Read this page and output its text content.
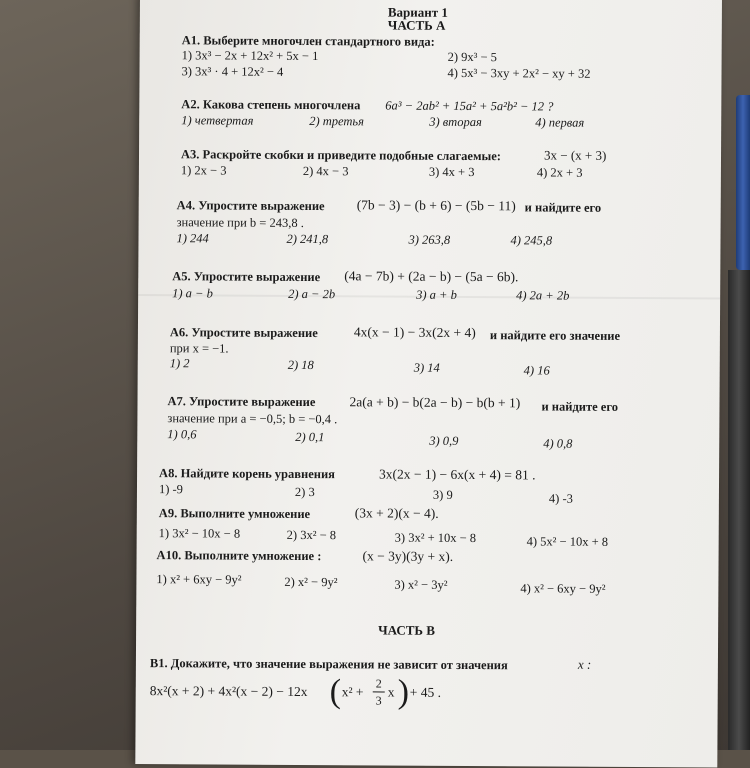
Вариант 1
ЧАСТЬ А
А1. Выберите многочлен стандартного вида:
1) 3x³ − 2x + 12x² + 5x − 1	2) 9x³ − 5
3) 3x³ · 4 + 12x² − 4	4) 5x³ − 3xy + 2x² − xy + 32
А2. Какова степень многочлена 6a³ − 2ab² + 15a² + 5a²b² − 12 ?
1) четвертая	2) третья	3) вторая	4) первая
А3. Раскройте скобки и приведите подобные слагаемые:	3x − (x + 3)
1) 2x − 3	2) 4x − 3	3) 4x + 3	4) 2x + 3
А4. Упростите выражение (7b − 3) − (b + 6) − (5b − 11) и найдите его
значение при b = 243,8 .
1) 244	2) 241,8	3) 263,8	4) 245,8
А5. Упростите выражение (4a − 7b) + (2a − b) − (5a − 6b).
1) a − b	2) a − 2b	3) a + b	4) 2a + 2b
А6. Упростите выражение	4x(x − 1) − 3x(2x + 4) и найдите его значение
при x = −1.
1) 2	2) 18	3) 14	4) 16
А7. Упростите выражение	2a(a + b) − b(2a − b) − b(b + 1) и найдите его
значение при a = −0,5; b = −0,4 .
1) 0,6	2) 0,1	3) 0,9	4) 0,8
А8. Найдите корень уравнения	3x(2x − 1) − 6x(x + 4) = 81 .
1) -9	2) 3	3) 9	4) -3
А9. Выполните умножение	(3x + 2)(x − 4).
1) 3x² − 10x − 8	2) 3x² − 8	3) 3x² + 10x − 8	4) 5x² − 10x + 8
А10. Выполните умножение :	(x − 3y)(3y + x).
1) x² + 6xy − 9y²	2) x² − 9y²	3) x² − 3y²	4) x² − 6xy − 9y²
ЧАСТЬ B
В1. Докажите, что значение выражения не зависит от значения	x :
8x²(x + 2) + 4x²(x − 2) − 12x ( x² +
2
3
x ) + 45 .
